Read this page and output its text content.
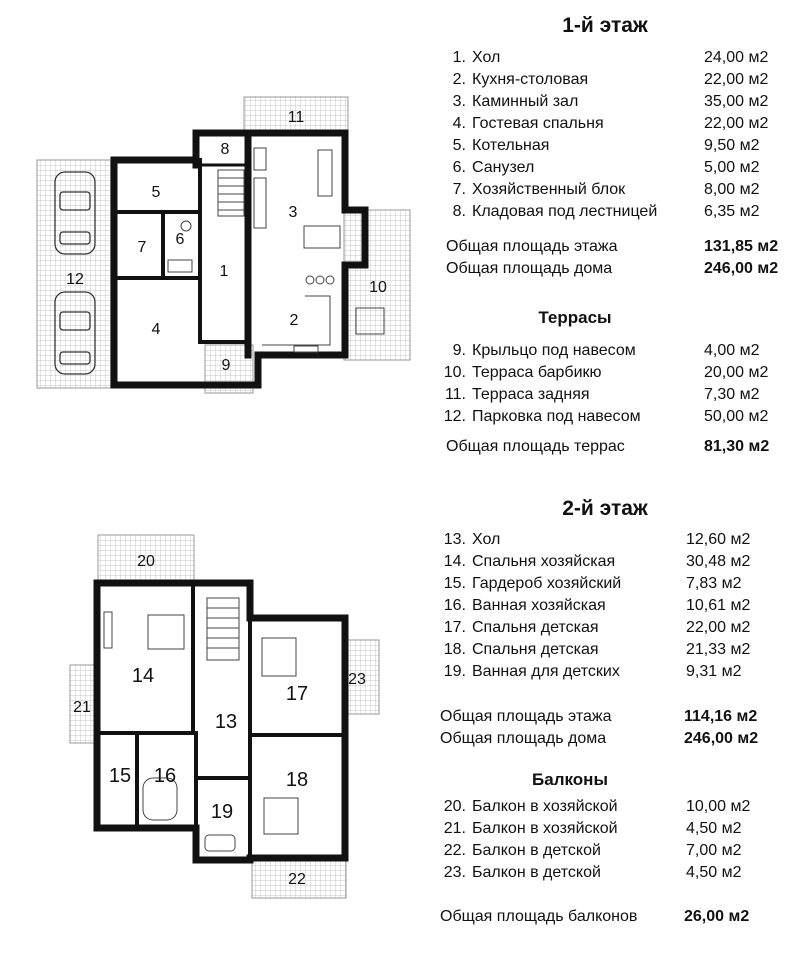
1
2
3
4
5
6
7
8
9
10
11
12
13
14
15 16
17
18
19
20
21
22
23
1-й этаж
1. Хол	24,00 м2
2. Кухня-столовая	22,00 м2
3. Каминный зал	35,00 м2
4. Гостевая спальня	22,00 м2
5. Котельная	9,50 м2
6. Санузел	5,00 м2
7. Хозяйственный блок	8,00 м2
8. Кладовая под лестницей	6,35 м2
Общая площадь этажа	131,85 м2
Общая площадь дома	246,00 м2
Террасы
9. Крыльцо под навесом	4,00 м2
10. Терраса барбикю	20,00 м2
11. Терраса задняя	7,30 м2
12. Парковка под навесом	50,00 м2
Общая площадь террас	81,30 м2
2-й этаж
13. Хол	12,60 м2
14. Спальня хозяйская	30,48 м2
15. Гардероб хозяйский	7,83 м2
16. Ванная хозяйская	10,61 м2
17. Спальня детская	22,00 м2
18. Спальня детская	21,33 м2
19. Ванная для детских	9,31 м2
Общая площадь этажа	114,16 м2
Общая площадь дома	246,00 м2
Балконы
20. Балкон в хозяйской	10,00 м2
21. Балкон в хозяйской	4,50 м2
22. Балкон в детской	7,00 м2
23. Балкон в детской	4,50 м2
Общая площадь балконов	26,00 м2
